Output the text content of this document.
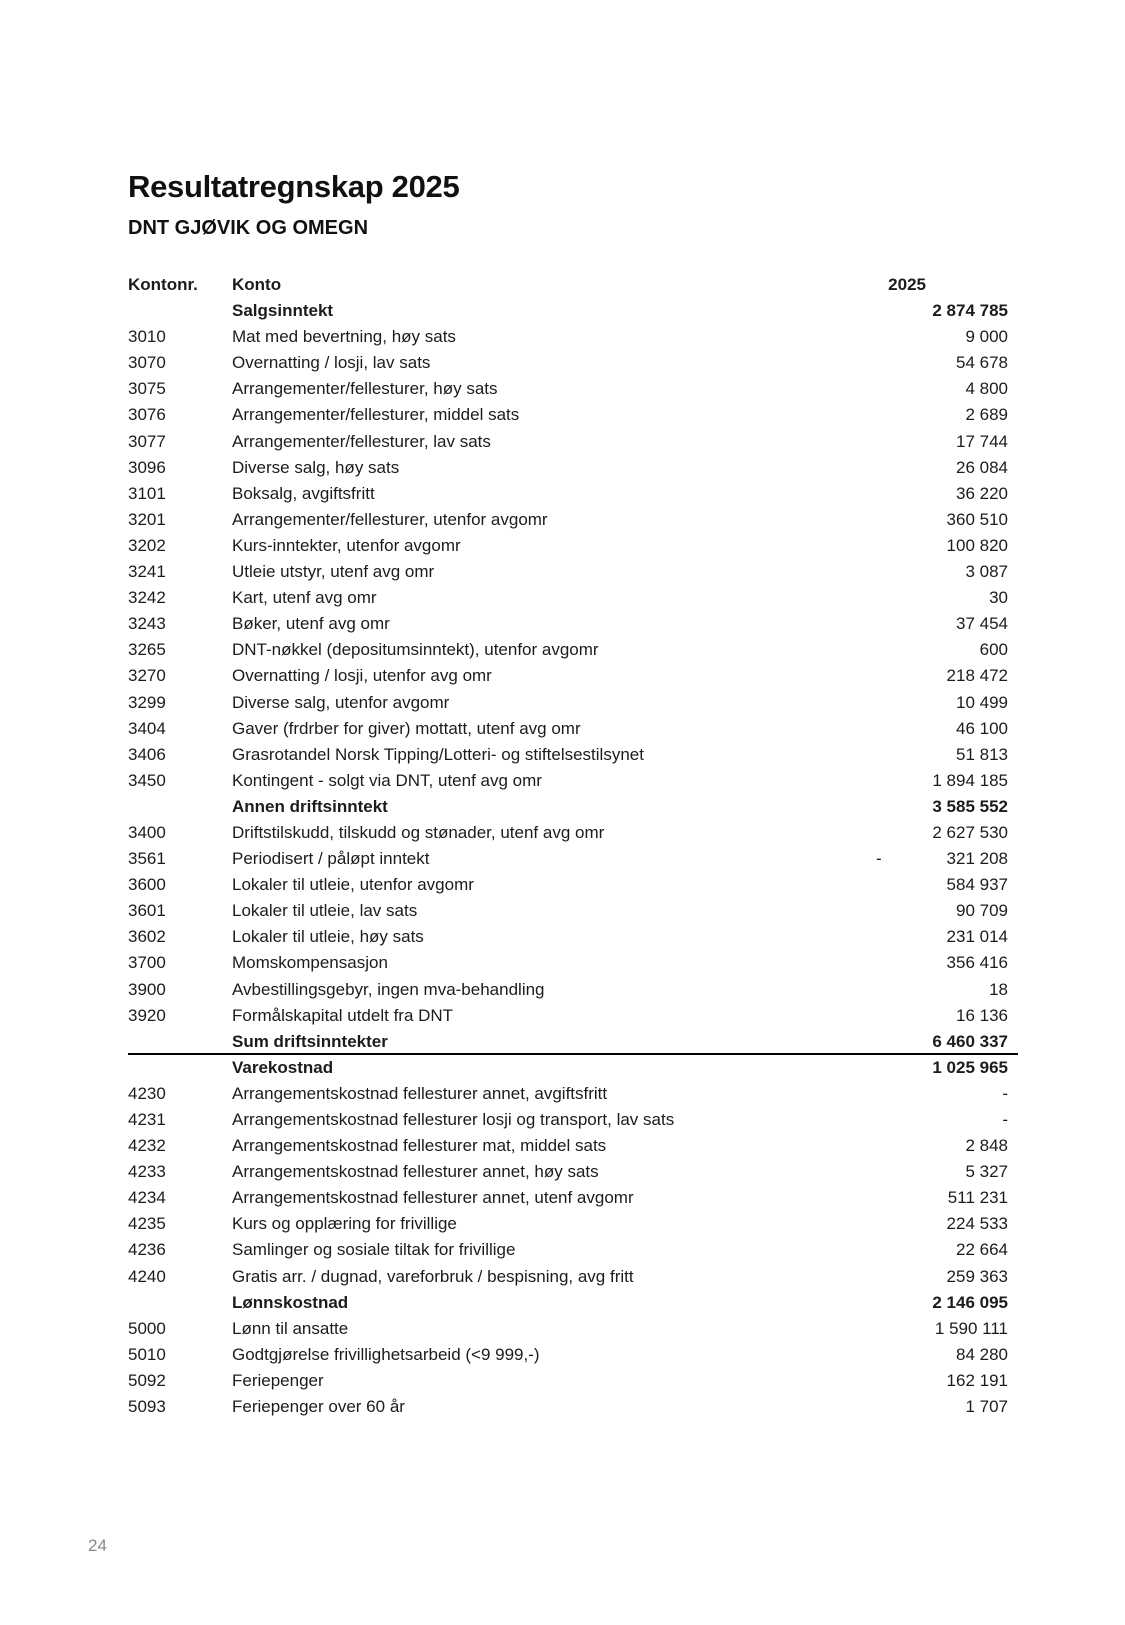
Resultatregnskap 2025
DNT GJØVIK OG OMEGN
Kontonr.	Konto	2025
Salgsinntekt	2 874 785
3010	Mat med bevertning, høy sats	9 000
3070	Overnatting / losji, lav sats	54 678
3075	Arrangementer/fellesturer, høy sats	4 800
3076	Arrangementer/fellesturer, middel sats	2 689
3077	Arrangementer/fellesturer, lav sats	17 744
3096	Diverse salg, høy sats	26 084
3101	Boksalg, avgiftsfritt	36 220
3201	Arrangementer/fellesturer, utenfor avgomr	360 510
3202	Kurs-inntekter, utenfor avgomr	100 820
3241	Utleie utstyr, utenf avg omr	3 087
3242	Kart, utenf avg omr	30
3243	Bøker, utenf avg omr	37 454
3265	DNT-nøkkel (depositumsinntekt), utenfor avgomr	600
3270	Overnatting / losji, utenfor avg omr	218 472
3299	Diverse salg, utenfor avgomr	10 499
3404	Gaver (frdrber for giver) mottatt, utenf avg omr	46 100
3406	Grasrotandel Norsk Tipping/Lotteri- og stiftelsestilsynet	51 813
3450	Kontingent - solgt via DNT, utenf avg omr	1 894 185
Annen driftsinntekt	3 585 552
3400	Driftstilskudd, tilskudd og stønader, utenf avg omr	2 627 530
3561	Periodisert / påløpt inntekt	-	321 208
3600	Lokaler til utleie, utenfor avgomr	584 937
3601	Lokaler til utleie, lav sats	90 709
3602	Lokaler til utleie, høy sats	231 014
3700	Momskompensasjon	356 416
3900	Avbestillingsgebyr, ingen mva-behandling	18
3920	Formålskapital utdelt fra DNT	16 136
Sum driftsinntekter	6 460 337
Varekostnad	1 025 965
4230	Arrangementskostnad fellesturer annet, avgiftsfritt	-
4231	Arrangementskostnad fellesturer losji og transport, lav sats	-
4232	Arrangementskostnad fellesturer mat, middel sats	2 848
4233	Arrangementskostnad fellesturer annet, høy sats	5 327
4234	Arrangementskostnad fellesturer annet, utenf avgomr	511 231
4235	Kurs og opplæring for frivillige	224 533
4236	Samlinger og sosiale tiltak for frivillige	22 664
4240	Gratis arr. / dugnad, vareforbruk / bespisning, avg fritt	259 363
Lønnskostnad	2 146 095
5000	Lønn til ansatte	1 590 111
5010	Godtgjørelse frivillighetsarbeid (<9 999,-)	84 280
5092	Feriepenger	162 191
5093	Feriepenger over 60 år	1 707
24
